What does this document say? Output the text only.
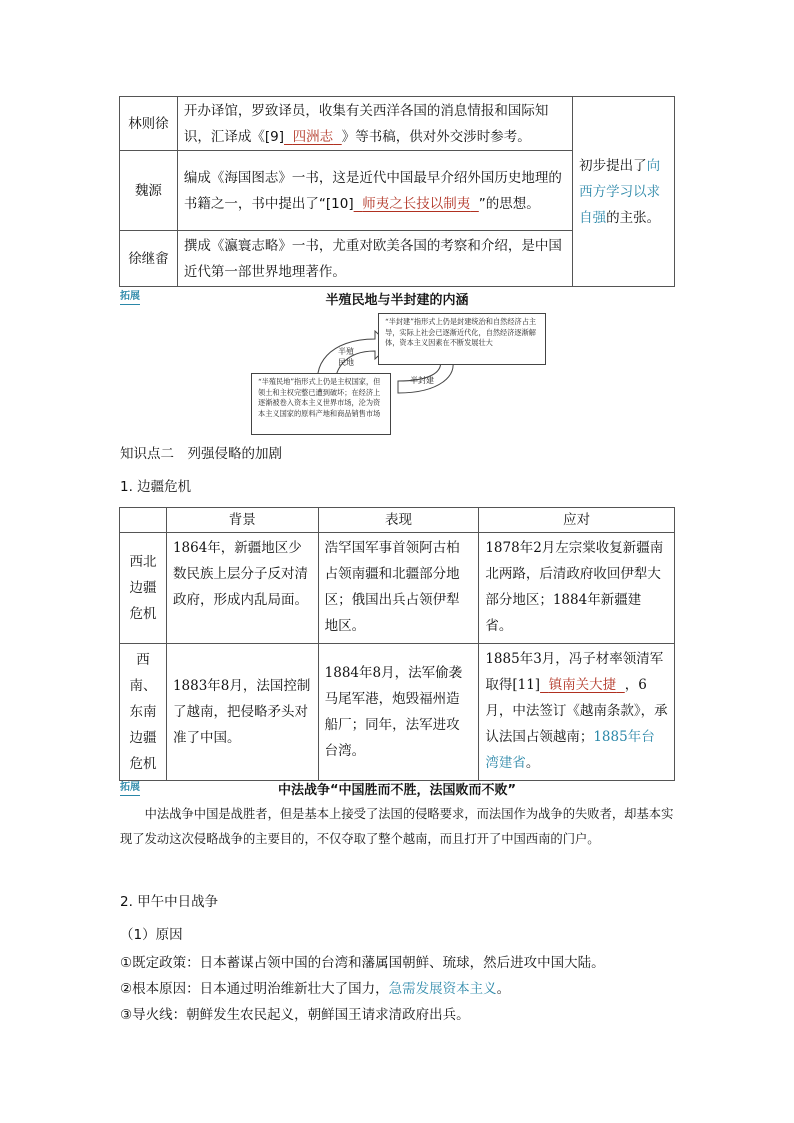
林则徐	开办译馆，罗致译员，收集有关西洋各国的消息情报和国际知识，汇译成《[9] 四洲志 》等书稿，供对外交涉时参考。	初步提出了向西方学习以求自强的主张。
魏源	编成《海国图志》一书，这是近代中国最早介绍外国历史地理的书籍之一，书中提出了“[10] 师夷之长技以制夷 ”的思想。	
徐继畬	撰成《瀛寰志略》一书，尤重对欧美各国的考察和介绍，是中国近代第一部世界地理著作。	
拓展	半殖民地与半封建的内涵
半殖民地
半封建
“半封建”指形式上仍是封建统治和自然经济占主导，实际上社会已逐渐近代化，自然经济逐渐解体，资本主义因素在不断发展壮大
“半殖民地”指形式上仍是主权国家，但领土和主权完整已遭到破坏；在经济上逐渐被卷入资本主义世界市场，沦为资本主义国家的原料产地和商品销售市场
知识点二　列强侵略的加剧
1. 边疆危机
	背景	表现	应对
西北边疆危机	1864年，新疆地区少数民族上层分子反对清政府，形成内乱局面。	浩罕国军事首领阿古柏占领南疆和北疆部分地区；俄国出兵占领伊犁地区。	1878年2月左宗棠收复新疆南北两路，后清政府收回伊犁大部分地区；1884年新疆建省。
西南、东南边疆危机	1883年8月，法国控制了越南，把侵略矛头对准了中国。	1884年8月，法军偷袭马尾军港，炮毁福州造船厂；同年，法军进攻台湾。	1885年3月，冯子材率领清军取得[11] 镇南关大捷 ，6月，中法签订《越南条款》，承认法国占领越南；1885年台湾建省。
拓展	中法战争“中国胜而不胜，法国败而不败”

中法战争中国是战胜者，但是基本上接受了法国的侵略要求，而法国作为战争的失败者，却基本实现了发动这次侵略战争的主要目的，不仅夺取了整个越南，而且打开了中国西南的门户。

2. 甲午中日战争
（1）原因
①既定政策：日本蓄谋占领中国的台湾和藩属国朝鲜、琉球，然后进攻中国大陆。
②根本原因：日本通过明治维新壮大了国力，急需发展资本主义。
③导火线：朝鲜发生农民起义，朝鲜国王请求清政府出兵。
